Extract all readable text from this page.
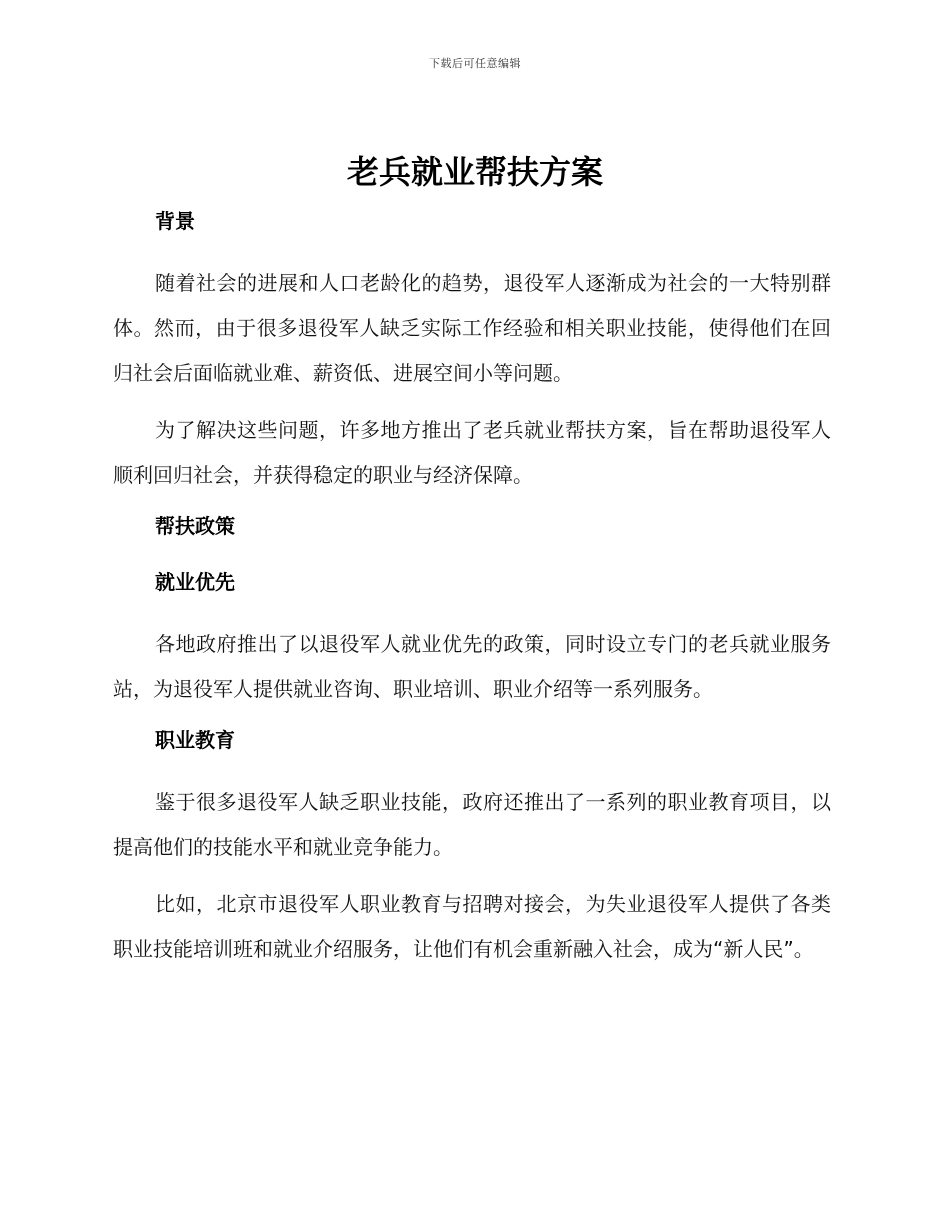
下载后可任意编辑
老兵就业帮扶方案

背景

随着社会的进展和人口老龄化的趋势，退役军人逐渐成为社会的一大特别群体。然而，由于很多退役军人缺乏实际工作经验和相关职业技能，使得他们在回归社会后面临就业难、薪资低、进展空间小等问题。

为了解决这些问题，许多地方推出了老兵就业帮扶方案，旨在帮助退役军人顺利回归社会，并获得稳定的职业与经济保障。

帮扶政策

就业优先

各地政府推出了以退役军人就业优先的政策，同时设立专门的老兵就业服务站，为退役军人提供就业咨询、职业培训、职业介绍等一系列服务。

职业教育

鉴于很多退役军人缺乏职业技能，政府还推出了一系列的职业教育项目，以提高他们的技能水平和就业竞争能力。

比如，北京市退役军人职业教育与招聘对接会，为失业退役军人提供了各类职业技能培训班和就业介绍服务，让他们有机会重新融入社会，成为“新人民”。
